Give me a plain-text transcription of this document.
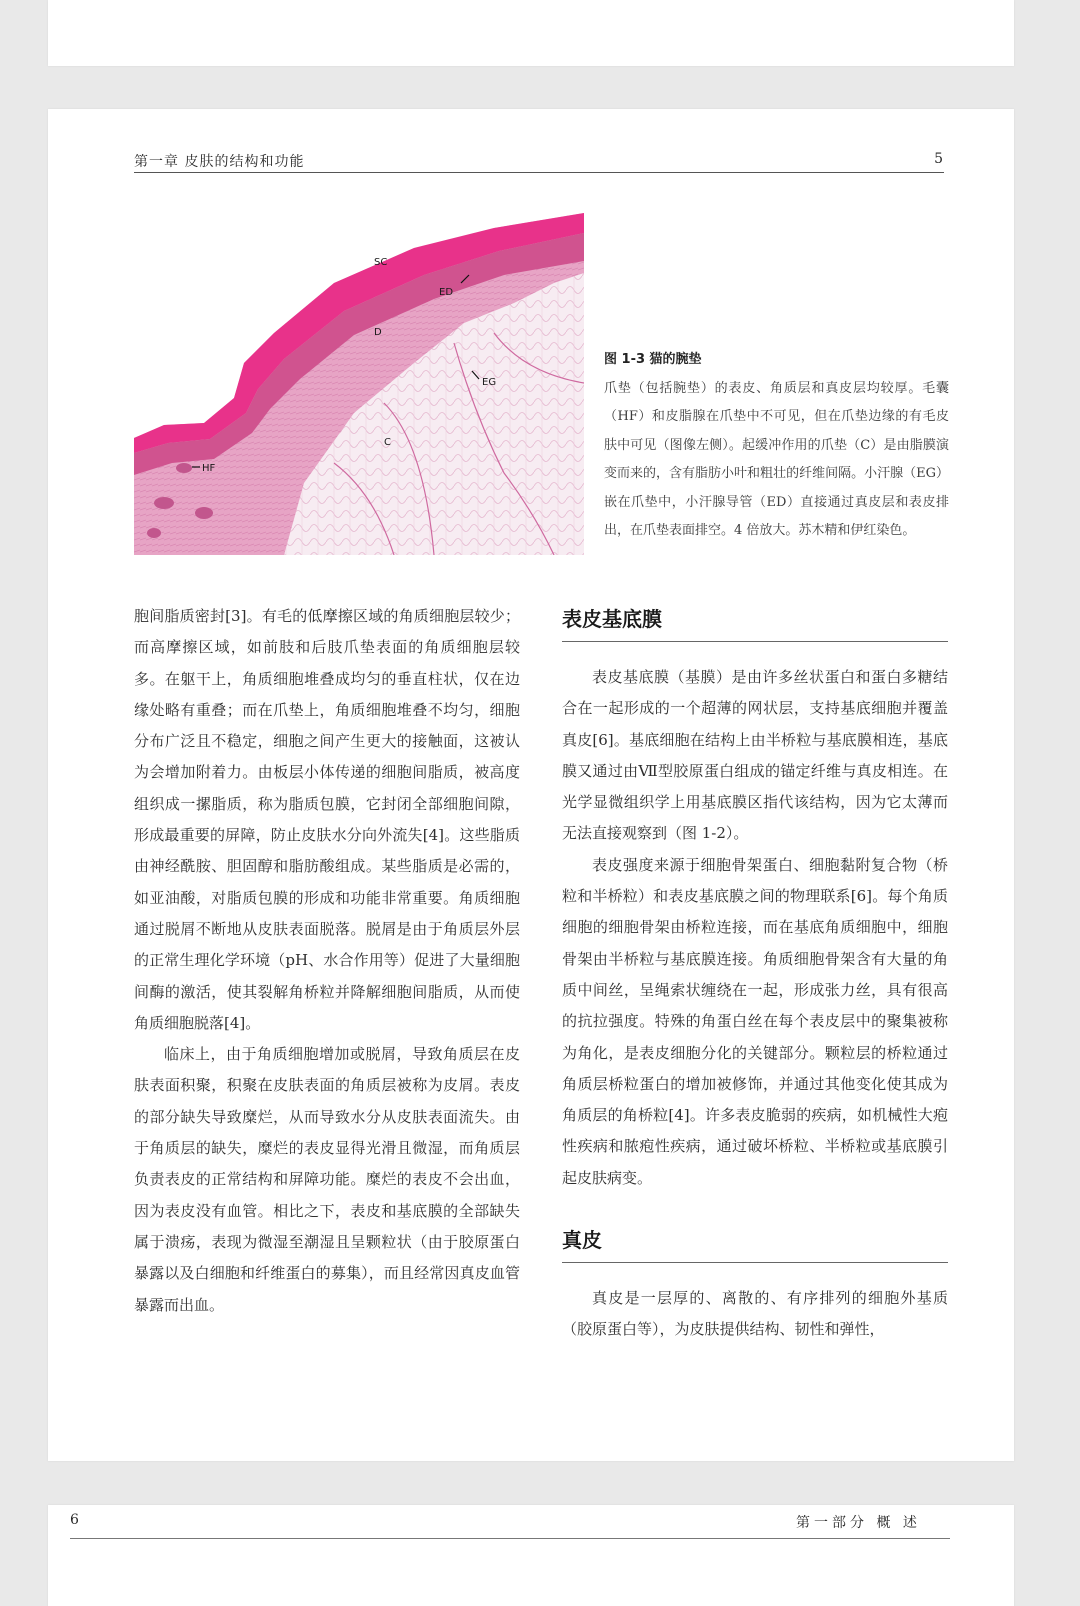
第一章 皮肤的结构和功能	5
SC
ED
D
EG
C
HF
图 1-3 猫的腕垫
爪垫（包括腕垫）的表皮、角质层和真皮层均较厚。毛囊（HF）和皮脂腺在爪垫中不可见，但在爪垫边缘的有毛皮肤中可见（图像左侧）。起缓冲作用的爪垫（C）是由脂膜演变而来的，含有脂肪小叶和粗壮的纤维间隔。小汗腺（EG）嵌在爪垫中，小汗腺导管（ED）直接通过真皮层和表皮排出，在爪垫表面排空。4 倍放大。苏木精和伊红染色。

胞间脂质密封[3]。有毛的低摩擦区域的角质细胞层较少；而高摩擦区域，如前肢和后肢爪垫表面的角质细胞层较多。在躯干上，角质细胞堆叠成均匀的垂直柱状，仅在边缘处略有重叠；而在爪垫上，角质细胞堆叠不均匀，细胞分布广泛且不稳定，细胞之间产生更大的接触面，这被认为会增加附着力。由板层小体传递的细胞间脂质，被高度组织成一摞脂质，称为脂质包膜，它封闭全部细胞间隙，形成最重要的屏障，防止皮肤水分向外流失[4]。这些脂质由神经酰胺、胆固醇和脂肪酸组成。某些脂质是必需的，如亚油酸，对脂质包膜的形成和功能非常重要。角质细胞通过脱屑不断地从皮肤表面脱落。脱屑是由于角质层外层的正常生理化学环境（pH、水合作用等）促进了大量细胞间酶的激活，使其裂解角桥粒并降解细胞间脂质，从而使角质细胞脱落[4]。

临床上，由于角质细胞增加或脱屑，导致角质层在皮肤表面积聚，积聚在皮肤表面的角质层被称为皮屑。表皮的部分缺失导致糜烂，从而导致水分从皮肤表面流失。由于角质层的缺失，糜烂的表皮显得光滑且微湿，而角质层负责表皮的正常结构和屏障功能。糜烂的表皮不会出血，因为表皮没有血管。相比之下，表皮和基底膜的全部缺失属于溃疡，表现为微湿至潮湿且呈颗粒状（由于胶原蛋白暴露以及白细胞和纤维蛋白的募集），而且经常因真皮血管暴露而出血。

表皮基底膜

表皮基底膜（基膜）是由许多丝状蛋白和蛋白多糖结合在一起形成的一个超薄的网状层，支持基底细胞并覆盖真皮[6]。基底细胞在结构上由半桥粒与基底膜相连，基底膜又通过由Ⅶ型胶原蛋白组成的锚定纤维与真皮相连。在光学显微组织学上用基底膜区指代该结构，因为它太薄而无法直接观察到（图 1-2）。

表皮强度来源于细胞骨架蛋白、细胞黏附复合物（桥粒和半桥粒）和表皮基底膜之间的物理联系[6]。每个角质细胞的细胞骨架由桥粒连接，而在基底角质细胞中，细胞骨架由半桥粒与基底膜连接。角质细胞骨架含有大量的角质中间丝，呈绳索状缠绕在一起，形成张力丝，具有很高的抗拉强度。特殊的角蛋白丝在每个表皮层中的聚集被称为角化，是表皮细胞分化的关键部分。颗粒层的桥粒通过角质层桥粒蛋白的增加被修饰，并通过其他变化使其成为角质层的角桥粒[4]。许多表皮脆弱的疾病，如机械性大疱性疾病和脓疱性疾病，通过破坏桥粒、半桥粒或基底膜引起皮肤病变。

真皮

真皮是一层厚的、离散的、有序排列的细胞外基质（胶原蛋白等），为皮肤提供结构、韧性和弹性，

6	第一部分 概 述
